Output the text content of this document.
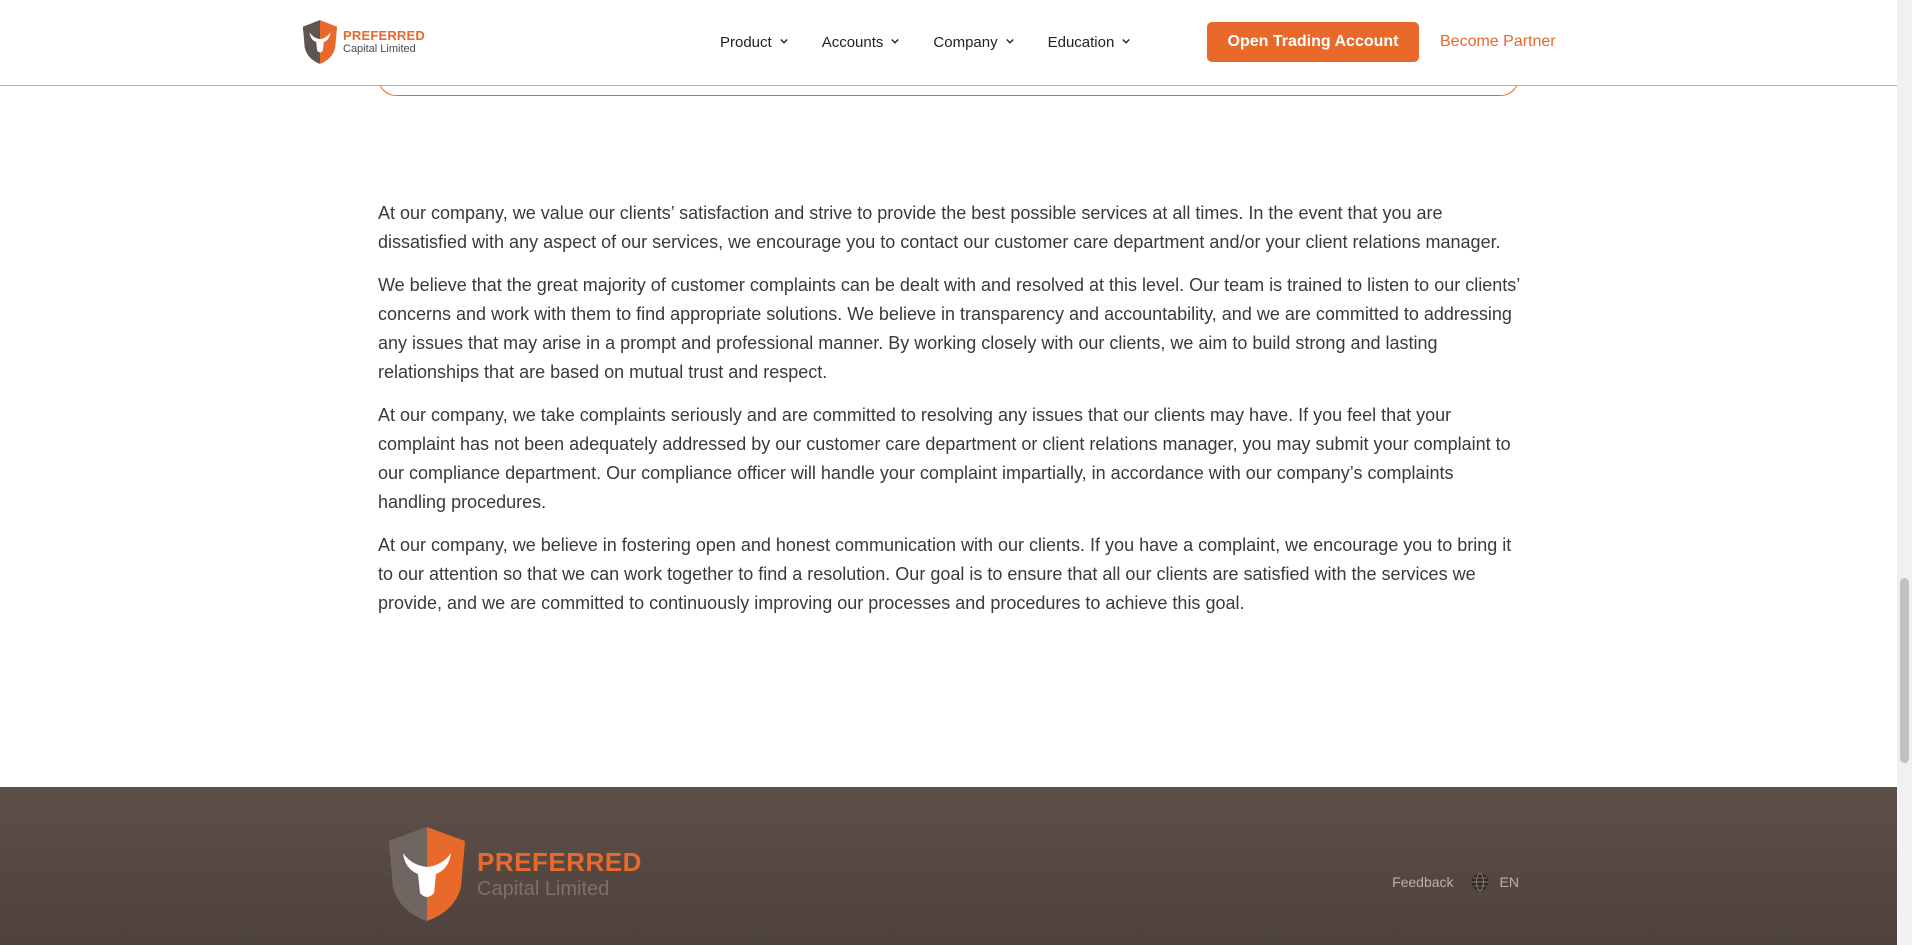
PREFERRED
Capital Limited	Product	Accounts	Company	Education	Open Trading Account	Become Partner

At our company, we value our clients’ satisfaction and strive to provide the best possible services at all times. In the event that you are dissatisfied with any aspect of our services, we encourage you to contact our customer care department and/or your client relations manager.

We believe that the great majority of customer complaints can be dealt with and resolved at this level. Our team is trained to listen to our clients’ concerns and work with them to find appropriate solutions. We believe in transparency and accountability, and we are committed to addressing any issues that may arise in a prompt and professional manner. By working closely with our clients, we aim to build strong and lasting relationships that are based on mutual trust and respect.

At our company, we take complaints seriously and are committed to resolving any issues that our clients may have. If you feel that your complaint has not been adequately addressed by our customer care department or client relations manager, you may submit your complaint to our compliance department. Our compliance officer will handle your complaint impartially, in accordance with our company’s complaints handling procedures.

At our company, we believe in fostering open and honest communication with our clients. If you have a complaint, we encourage you to bring it to our attention so that we can work together to find a resolution. Our goal is to ensure that all our clients are satisfied with the services we provide, and we are committed to continuously improving our processes and procedures to achieve this goal.

PREFERRED
Capital Limited	Feedback	EN
